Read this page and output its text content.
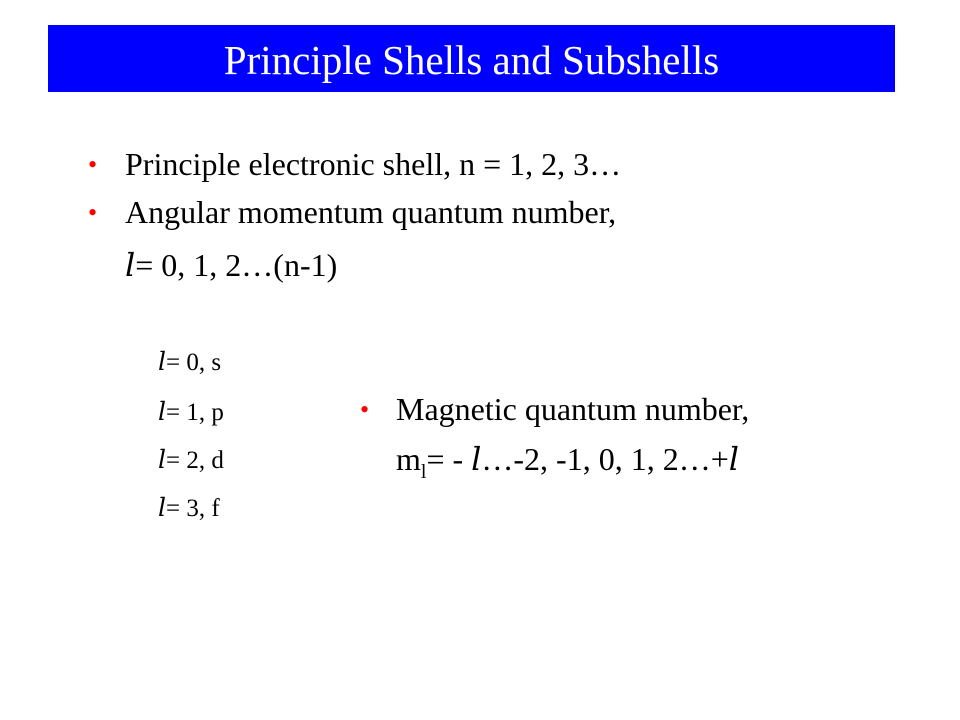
Principle Shells and Subshells
• Principle electronic shell, n = 1, 2, 3…
• Angular momentum quantum number,
l= 0, 1, 2…(n-1)
l= 0, s
l= 1, p
l= 2, d
l= 3, f
• Magnetic quantum number,
$m_l=$ - l…-2, -1, 0, 1, 2…+l
